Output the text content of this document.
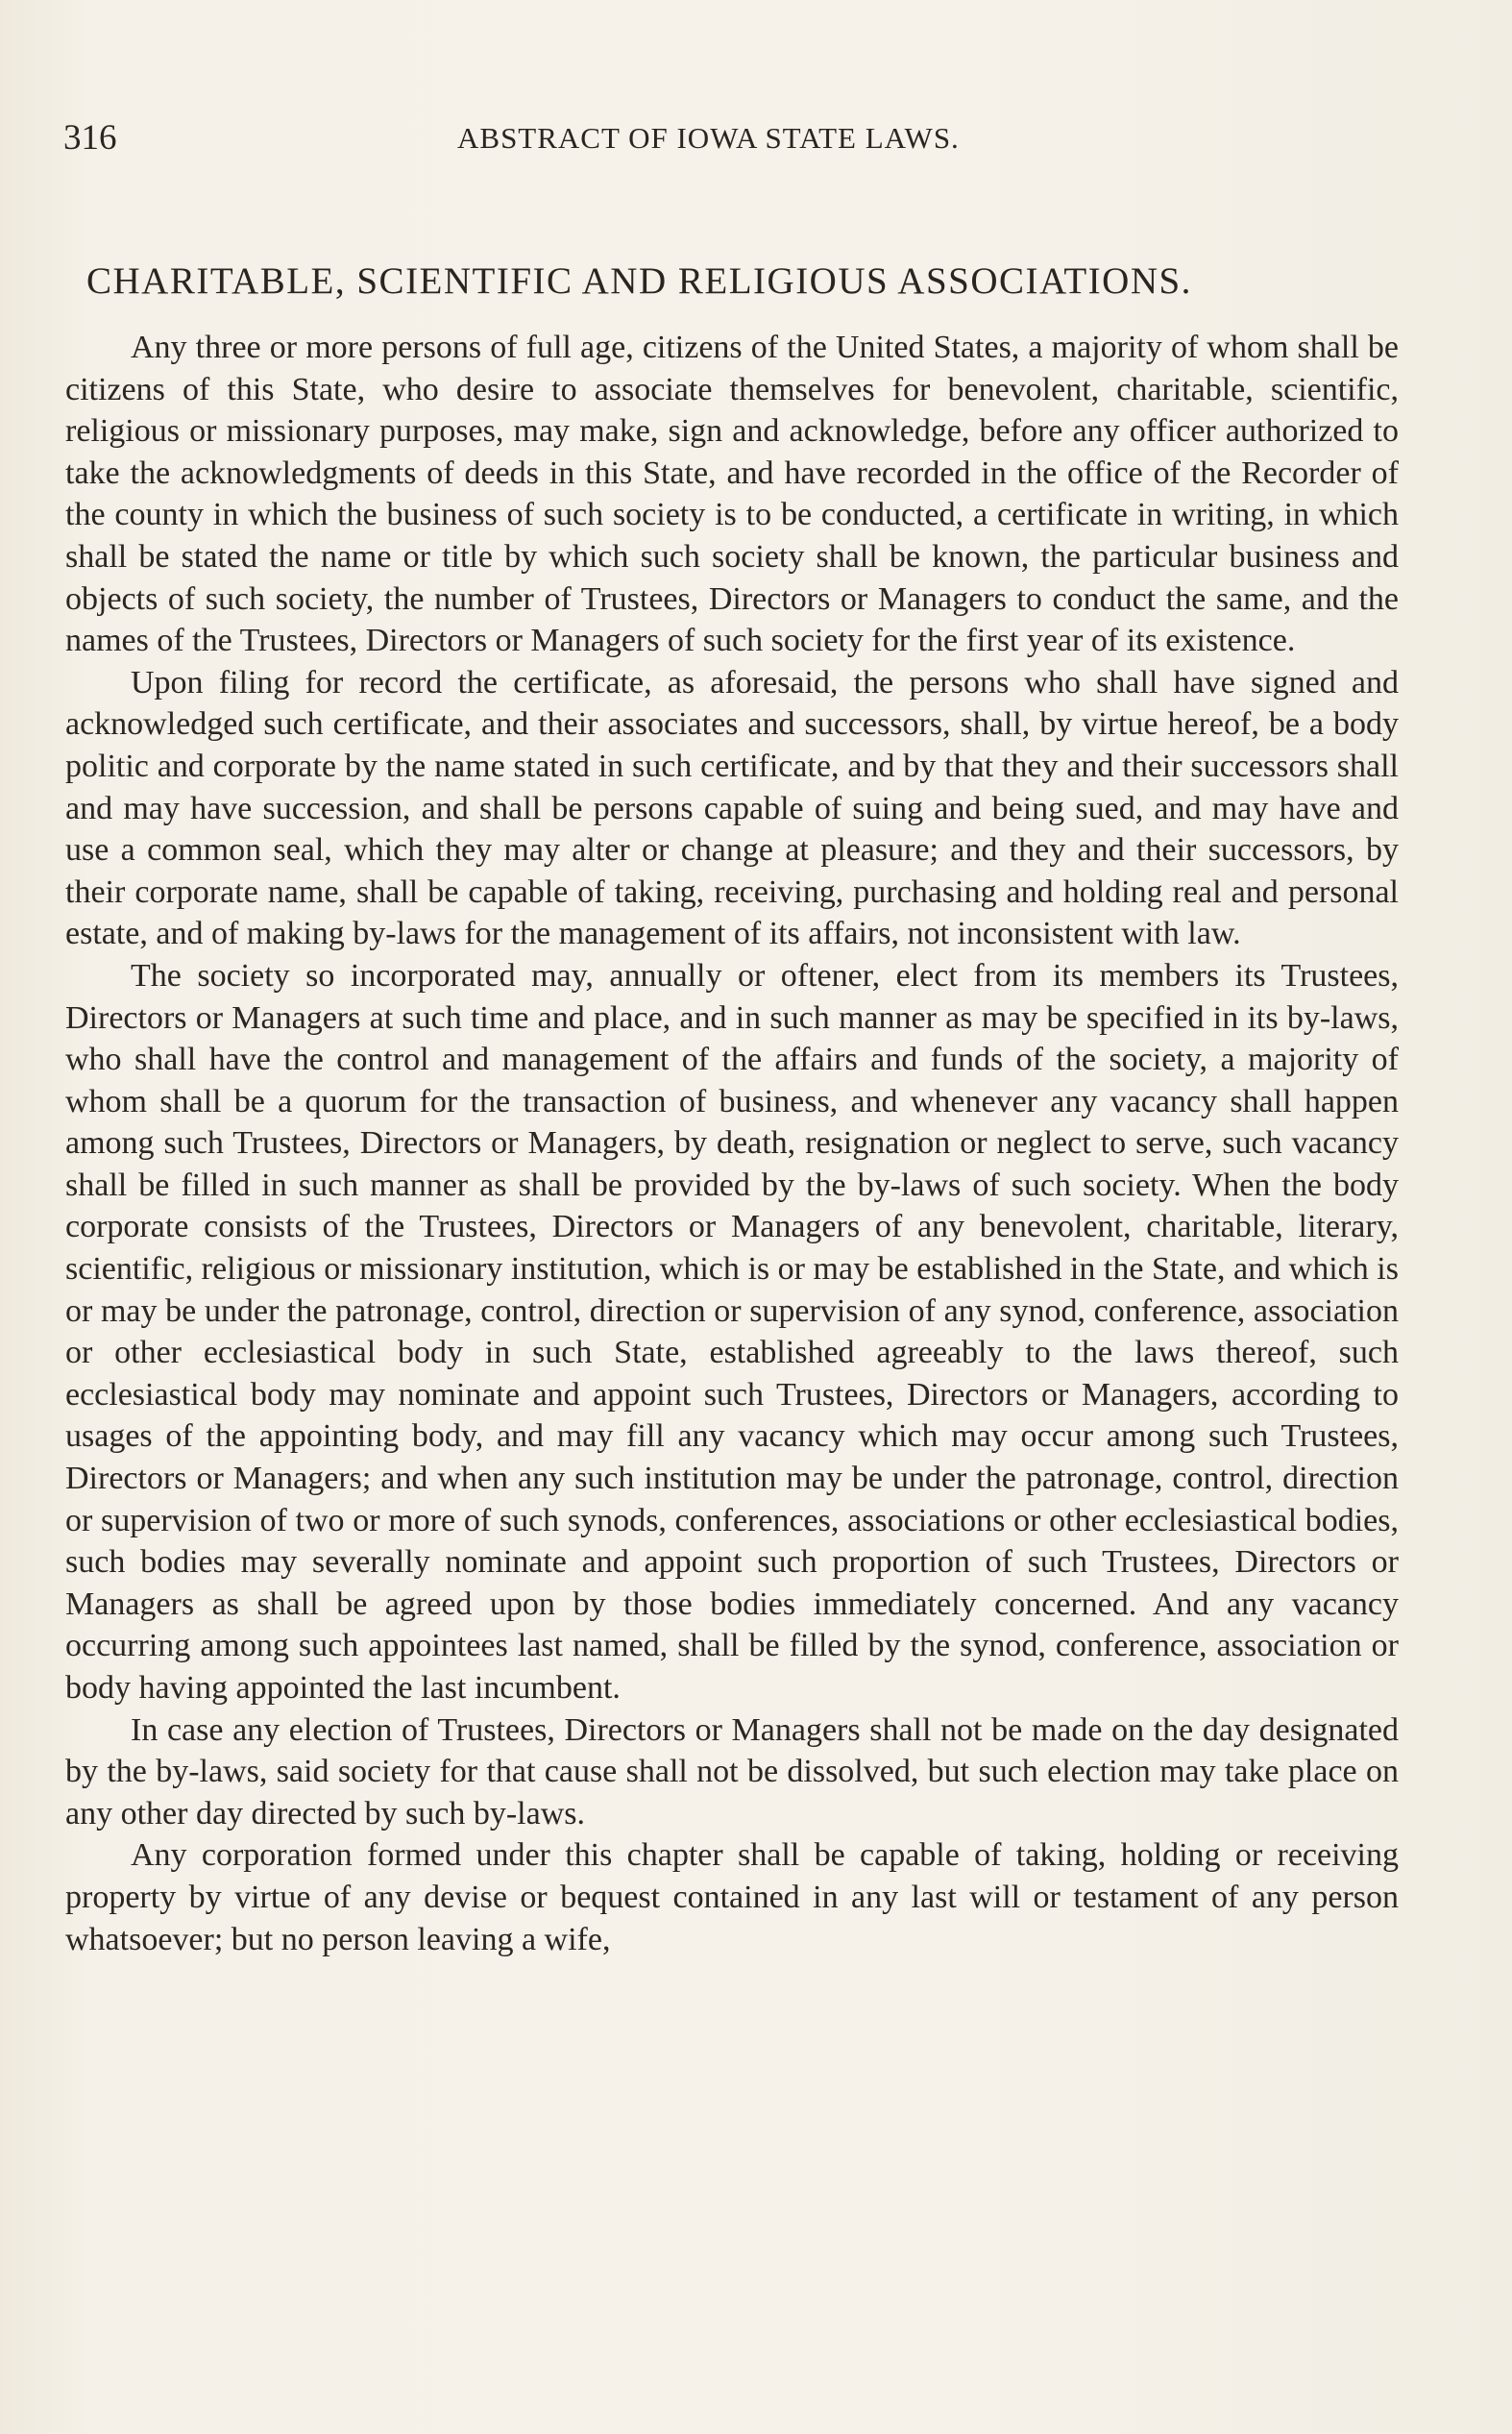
316	ABSTRACT OF IOWA STATE LAWS.
CHARITABLE, SCIENTIFIC AND RELIGIOUS ASSOCIATIONS.

Any three or more persons of full age, citizens of the United States, a majority of whom shall be citizens of this State, who desire to associate themselves for benevolent, charitable, scientific, religious or missionary purposes, may make, sign and acknowledge, before any officer authorized to take the acknowledgments of deeds in this State, and have recorded in the office of the Recorder of the county in which the business of such society is to be conducted, a certificate in writing, in which shall be stated the name or title by which such society shall be known, the particular business and objects of such society, the number of Trustees, Directors or Managers to conduct the same, and the names of the Trustees, Directors or Managers of such society for the first year of its existence.

Upon filing for record the certificate, as aforesaid, the persons who shall have signed and acknowledged such certificate, and their associates and successors, shall, by virtue hereof, be a body politic and corporate by the name stated in such certificate, and by that they and their successors shall and may have succession, and shall be persons capable of suing and being sued, and may have and use a common seal, which they may alter or change at pleasure; and they and their successors, by their corporate name, shall be capable of taking, receiving, purchasing and holding real and personal estate, and of making by-laws for the management of its affairs, not inconsistent with law.

The society so incorporated may, annually or oftener, elect from its members its Trustees, Directors or Managers at such time and place, and in such manner as may be specified in its by-laws, who shall have the control and management of the affairs and funds of the society, a majority of whom shall be a quorum for the transaction of business, and whenever any vacancy shall happen among such Trustees, Directors or Managers, by death, resignation or neglect to serve, such vacancy shall be filled in such manner as shall be provided by the by-laws of such society. When the body corporate consists of the Trustees, Directors or Managers of any benevolent, charitable, literary, scientific, religious or missionary institution, which is or may be established in the State, and which is or may be under the patronage, control, direction or supervision of any synod, conference, association or other ecclesiastical body in such State, established agreeably to the laws thereof, such ecclesiastical body may nominate and appoint such Trustees, Directors or Managers, according to usages of the appointing body, and may fill any vacancy which may occur among such Trustees, Directors or Managers; and when any such institution may be under the patronage, control, direction or supervision of two or more of such synods, conferences, associations or other ecclesiastical bodies, such bodies may severally nominate and appoint such proportion of such Trustees, Directors or Managers as shall be agreed upon by those bodies immediately concerned. And any vacancy occurring among such appointees last named, shall be filled by the synod, conference, association or body having appointed the last incumbent.

In case any election of Trustees, Directors or Managers shall not be made on the day designated by the by-laws, said society for that cause shall not be dissolved, but such election may take place on any other day directed by such by-laws.

Any corporation formed under this chapter shall be capable of taking, holding or receiving property by virtue of any devise or bequest contained in any last will or testament of any person whatsoever; but no person leaving a wife,
